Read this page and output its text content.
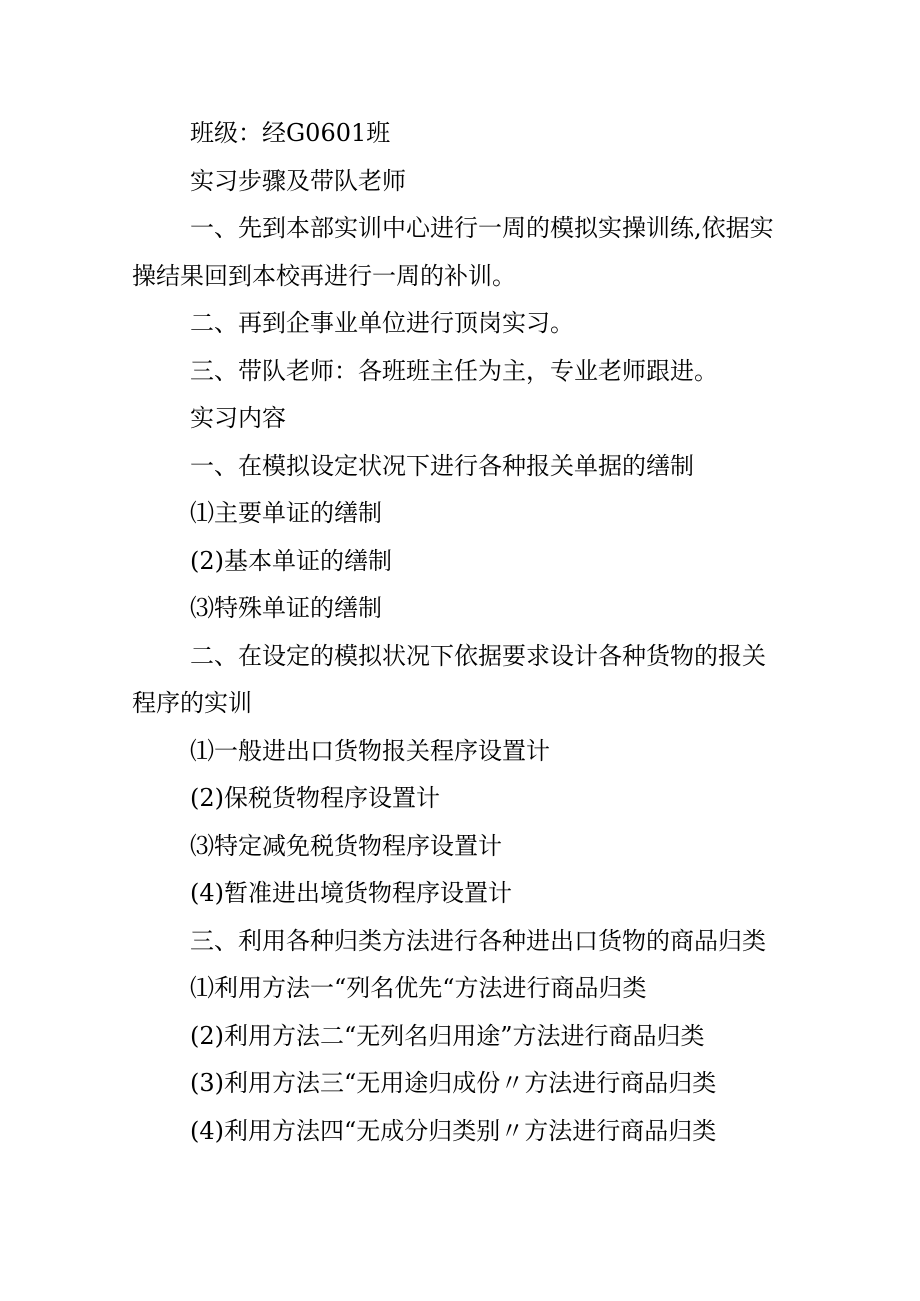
班级：经G0601班

实习步骤及带队老师

一、先到本部实训中心进行一周的模拟实操训练,依据实操结果回到本校再进行一周的补训。

二、再到企事业单位进行顶岗实习。

三、带队老师：各班班主任为主，专业老师跟进。

实习内容

一、在模拟设定状况下进行各种报关单据的缮制

⑴主要单证的缮制

(2)基本单证的缮制

⑶特殊单证的缮制

二、在设定的模拟状况下依据要求设计各种货物的报关程序的实训

⑴一般进出口货物报关程序设置计

(2)保税货物程序设置计

⑶特定减免税货物程序设置计

(4)暂准进出境货物程序设置计

三、利用各种归类方法进行各种进出口货物的商品归类

⑴利用方法一“列名优先“方法进行商品归类

(2)利用方法二“无列名归用途”方法进行商品归类

(3)利用方法三“无用途归成份〃方法进行商品归类

(4)利用方法四“无成分归类别〃方法进行商品归类
